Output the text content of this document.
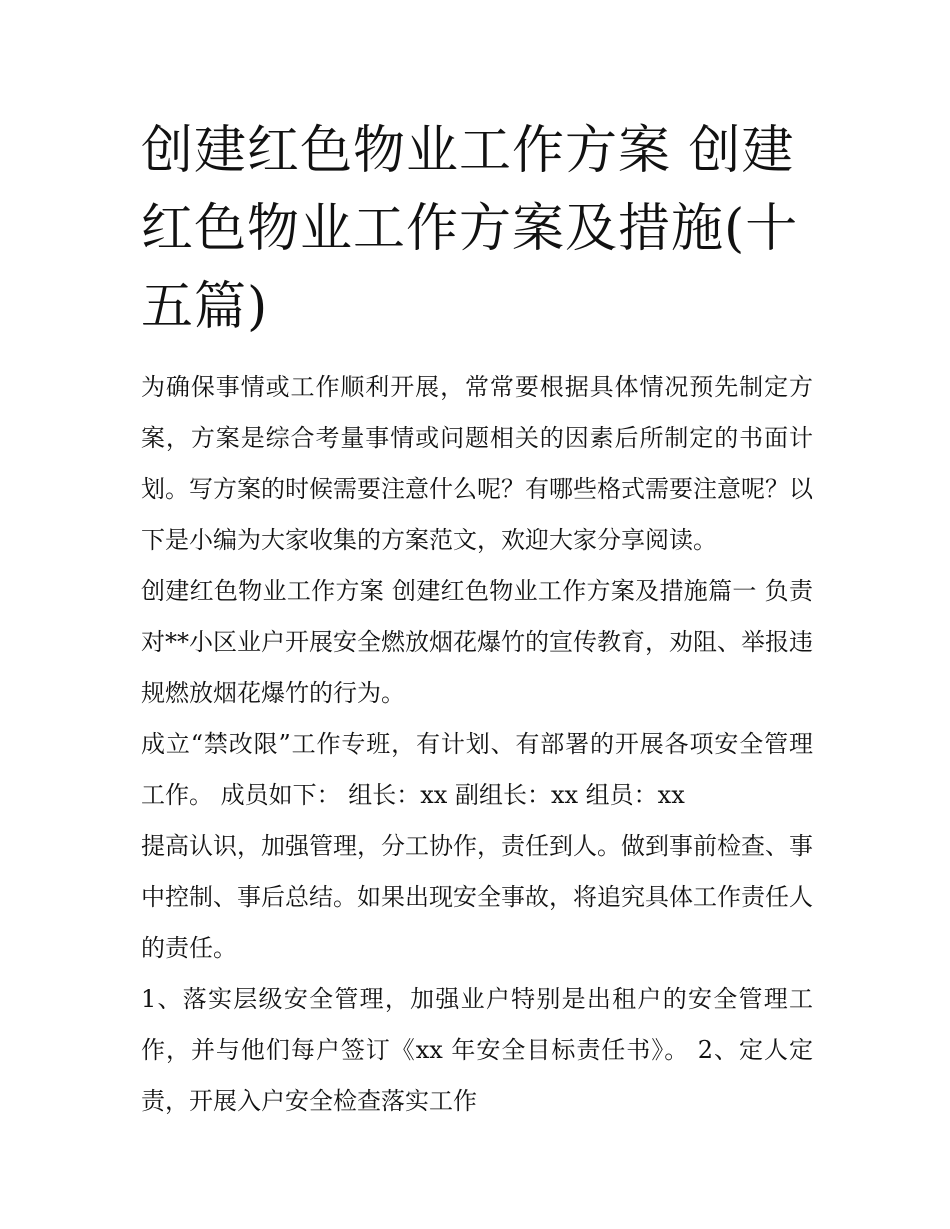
创建红色物业工作方案 创建红色物业工作方案及措施(十五篇)

为确保事情或工作顺利开展，常常要根据具体情况预先制定方案，方案是综合考量事情或问题相关的因素后所制定的书面计划。写方案的时候需要注意什么呢？有哪些格式需要注意呢？以下是小编为大家收集的方案范文，欢迎大家分享阅读。

创建红色物业工作方案 创建红色物业工作方案及措施篇一 负责对**小区业户开展安全燃放烟花爆竹的宣传教育，劝阻、举报违规燃放烟花爆竹的行为。

成立“禁改限”工作专班，有计划、有部署的开展各项安全管理工作。 成员如下： 组长：xx 副组长：xx 组员：xx

提高认识，加强管理，分工协作，责任到人。做到事前检查、事中控制、事后总结。如果出现安全事故，将追究具体工作责任人的责任。

1、落实层级安全管理，加强业户特别是出租户的安全管理工作，并与他们每户签订《xx 年安全目标责任书》。 2、定人定责，开展入户安全检查落实工作
